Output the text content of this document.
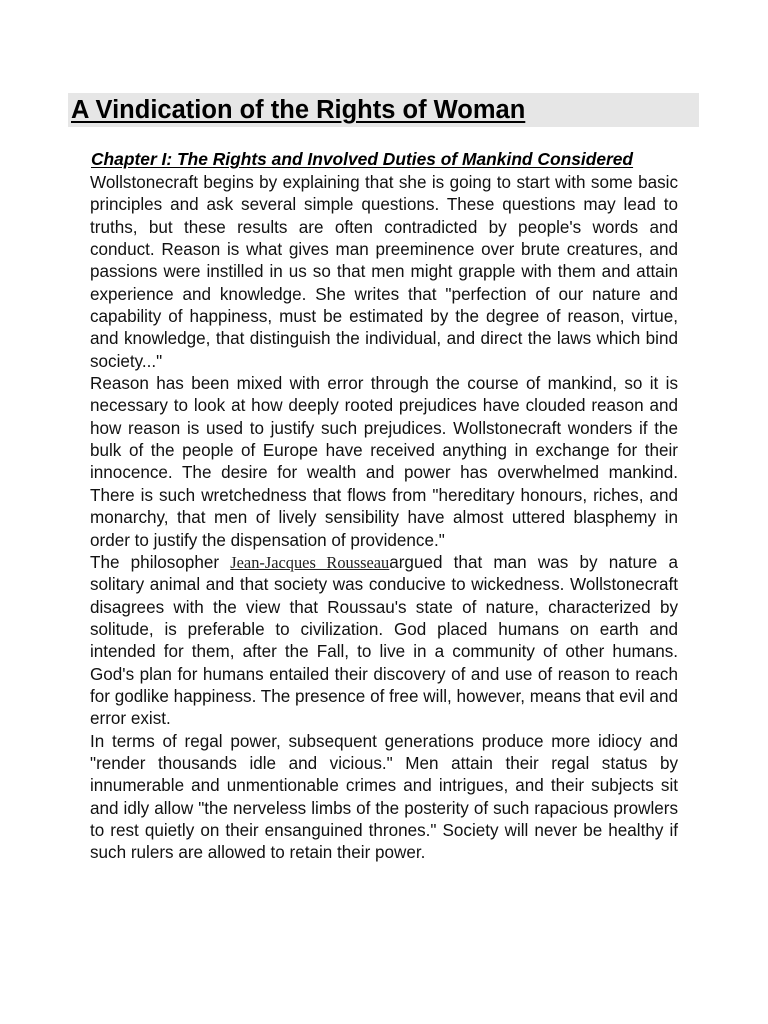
A Vindication of the Rights of Woman
Chapter I: The Rights and Involved Duties of Mankind Considered

Wollstonecraft begins by explaining that she is going to start with some basic principles and ask several simple questions. These questions may lead to truths, but these results are often contradicted by people's words and conduct. Reason is what gives man preeminence over brute creatures, and passions were instilled in us so that men might grapple with them and attain experience and knowledge. She writes that "perfection of our nature and capability of happiness, must be estimated by the degree of reason, virtue, and knowledge, that distinguish the individual, and direct the laws which bind society..."

Reason has been mixed with error through the course of mankind, so it is necessary to look at how deeply rooted prejudices have clouded reason and how reason is used to justify such prejudices. Wollstonecraft wonders if the bulk of the people of Europe have received anything in exchange for their innocence. The desire for wealth and power has overwhelmed mankind. There is such wretchedness that flows from "hereditary honours, riches, and monarchy, that men of lively sensibility have almost uttered blasphemy in order to justify the dispensation of providence."

The philosopher Jean-Jacques Rousseauargued that man was by nature a solitary animal and that society was conducive to wickedness. Wollstonecraft disagrees with the view that Roussau's state of nature, characterized by solitude, is preferable to civilization. God placed humans on earth and intended for them, after the Fall, to live in a community of other humans. God's plan for humans entailed their discovery of and use of reason to reach for godlike happiness. The presence of free will, however, means that evil and error exist.

In terms of regal power, subsequent generations produce more idiocy and "render thousands idle and vicious." Men attain their regal status by innumerable and unmentionable crimes and intrigues, and their subjects sit and idly allow "the nerveless limbs of the posterity of such rapacious prowlers to rest quietly on their ensanguined thrones." Society will never be healthy if such rulers are allowed to retain their power.
